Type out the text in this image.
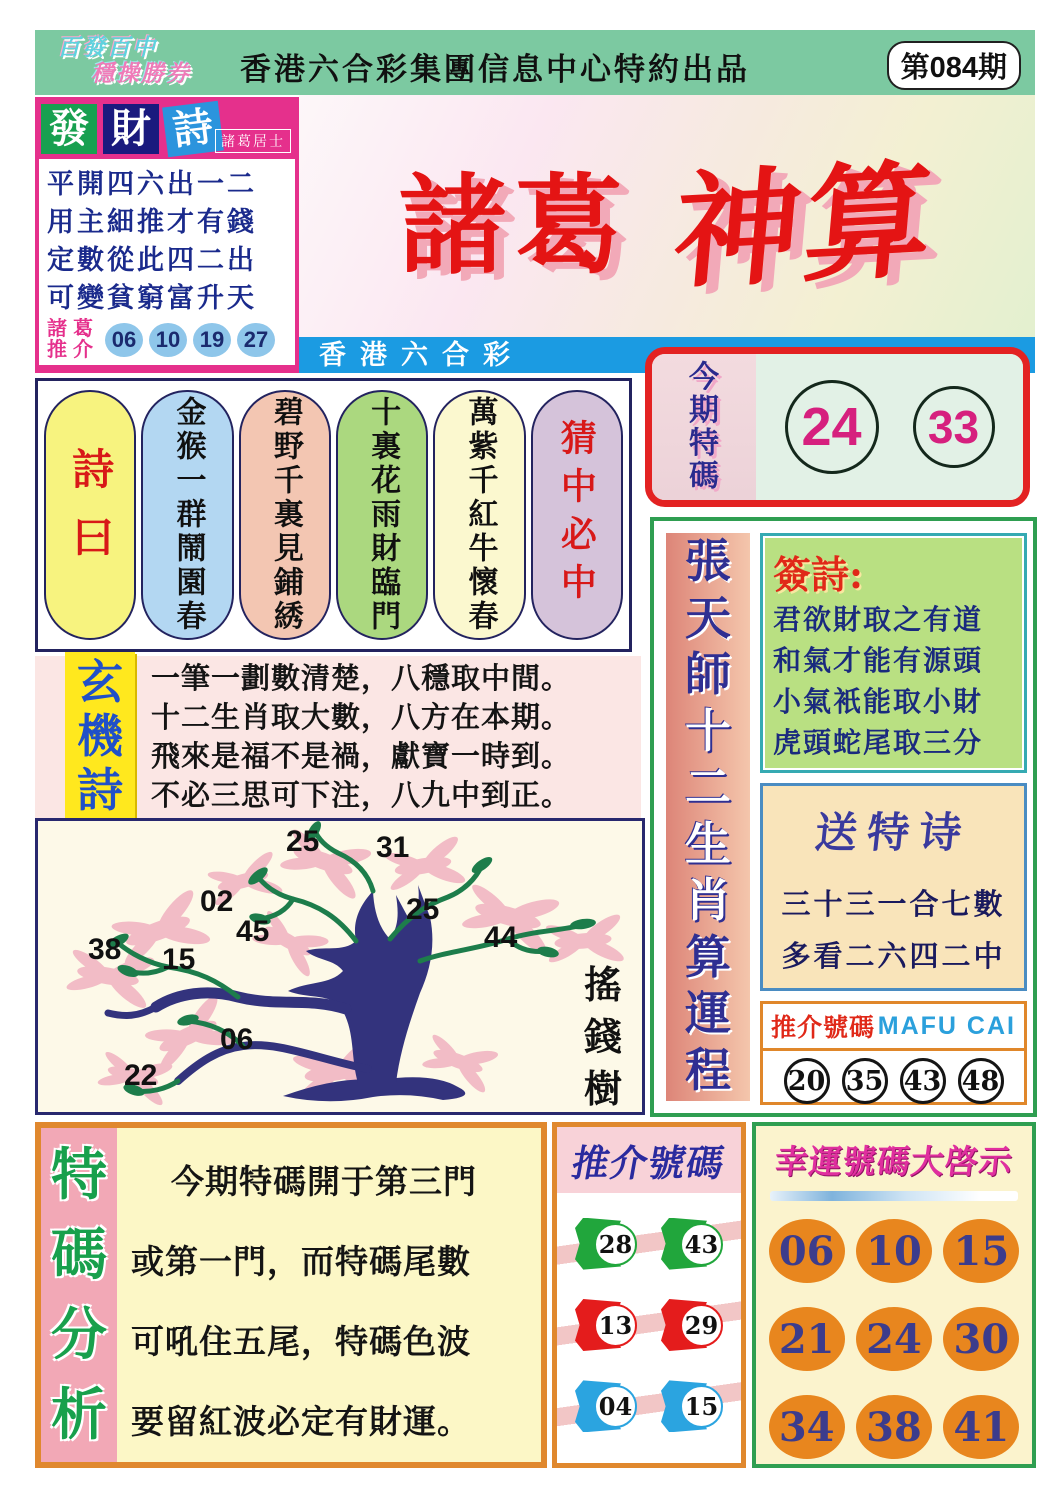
百發百中
穩操勝券 香港六合彩集團信息中心特約出品	第084期
發 財 詩 諸葛居士

平開四六出一二

用主細推才有錢

定數從此四二出

可變貧窮富升天

諸葛
推介 06 10 19 27
諸葛 神算
香港六合彩
今
期
特
碼
24	33
詩曰	金猴一群鬧園春	碧野千裏見鋪綉	十裏花雨財臨門	萬紫千紅牛懷春	猜中必中
玄
機
詩

一筆一劃數清楚，八穩取中間。

十二生肖取大數，八方在本期。

飛來是福不是禍，獻寶一時到。

不必三思可下注，八九中到正。

25 31
02
45
25
44
38 15
06
22
搖
錢
樹
張
天
師
十
二
生
肖
算
運
程
簽詩:

君欲財取之有道

和氣才能有源頭

小氣衹能取小財

虎頭蛇尾取三分

送特诗

三十三一合七數

多看二六四二中

推介號碼 MAFU CAI
20 35 43 48
特
碼
分
析

今期特碼開于第三門

或第一門，而特碼尾數

可吼住五尾，特碼色波

要留紅波必定有財運。

推介號碼
28 43
13 29
04 15
幸運號碼大啓示
06 10 15
21 24 30
34 38 41
